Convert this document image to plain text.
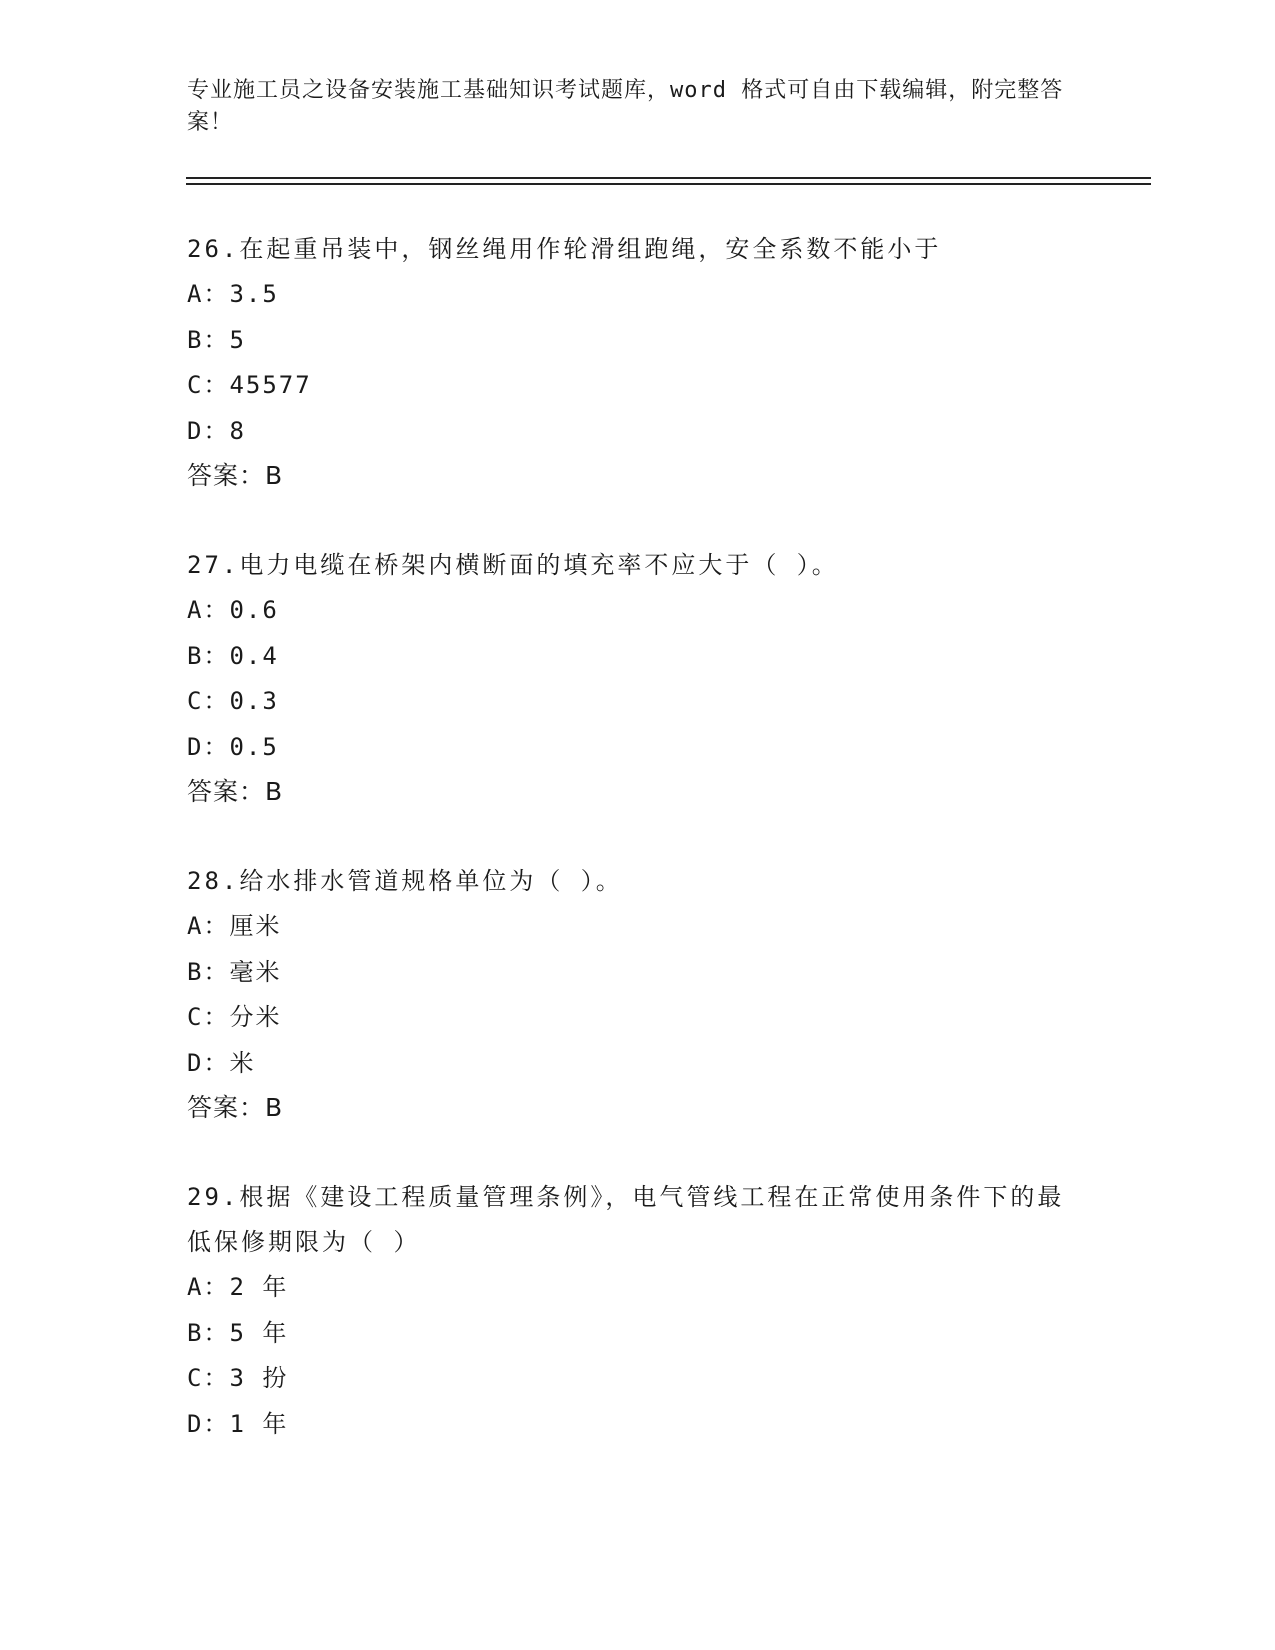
专业施工员之设备安装施工基础知识考试题库，word 格式可自由下载编辑，附完整答案！

26.在起重吊装中，钢丝绳用作轮滑组跑绳，安全系数不能小于

A：3.5

B：5

C：45577

D：8

答案：B

27.电力电缆在桥架内横断面的填充率不应大于（ ）。

A：0.6

B：0.4

C：0.3

D：0.5

答案：B

28.给水排水管道规格单位为（ ）。

A：厘米

B：毫米

C：分米

D：米

答案：B

29.根据《建设工程质量管理条例》，电气管线工程在正常使用条件下的最低保修期限为（ ）

A：2 年

B：5 年

C：3 扮

D：1 年
